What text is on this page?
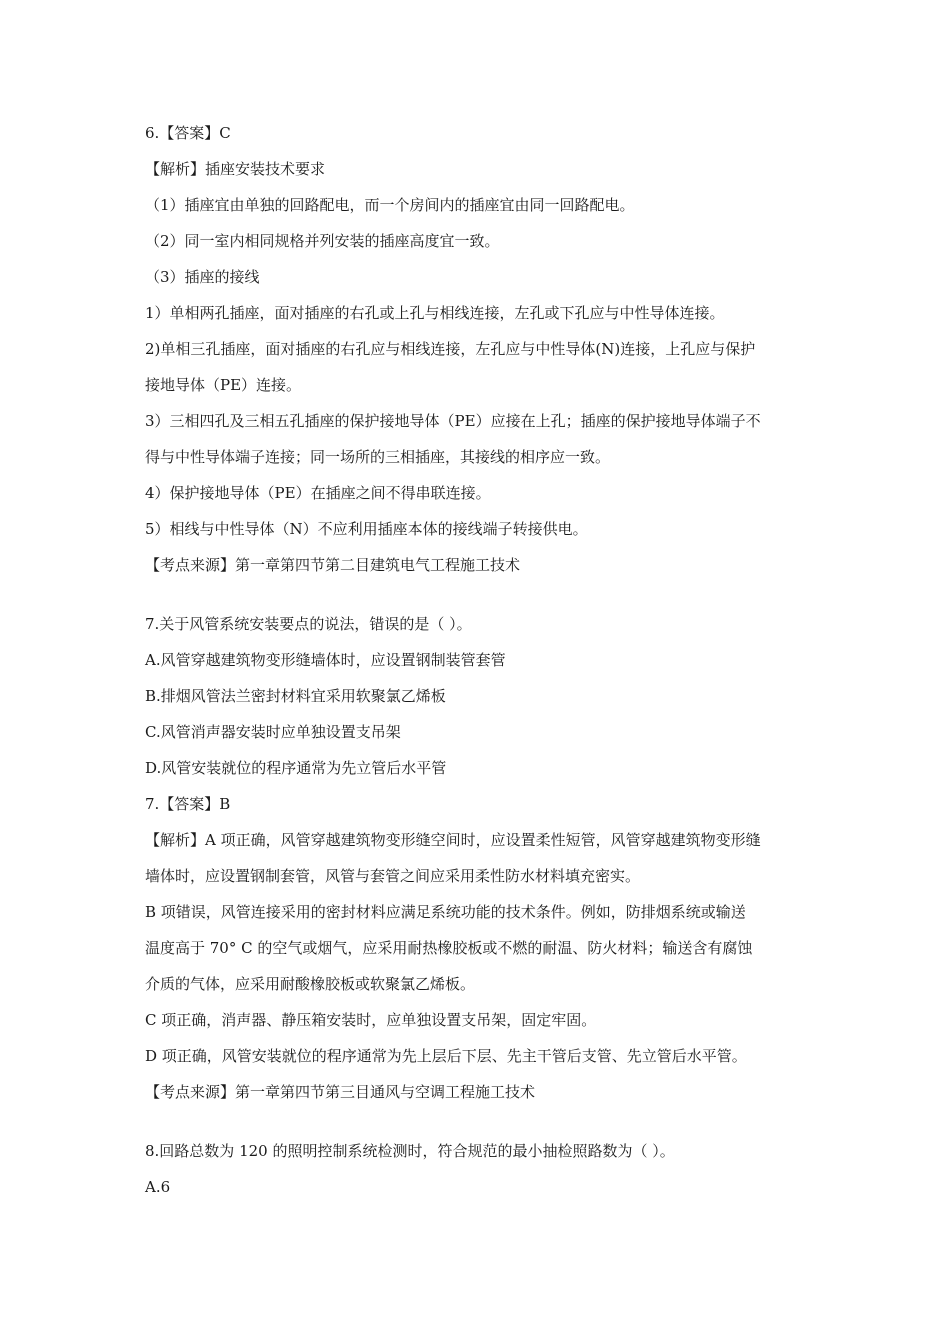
6.【答案】C
【解析】插座安装技术要求
（1）插座宜由单独的回路配电，而一个房间内的插座宜由同一回路配电。
（2）同一室内相同规格并列安装的插座高度宜一致。
（3）插座的接线
1）单相两孔插座，面对插座的右孔或上孔与相线连接，左孔或下孔应与中性导体连接。
2)单相三孔插座，面对插座的右孔应与相线连接，左孔应与中性导体(N)连接，上孔应与保护
接地导体（PE）连接。
3）三相四孔及三相五孔插座的保护接地导体（PE）应接在上孔；插座的保护接地导体端子不
得与中性导体端子连接；同一场所的三相插座，其接线的相序应一致。
4）保护接地导体（PE）在插座之间不得串联连接。
5）相线与中性导体（N）不应利用插座本体的接线端子转接供电。
【考点来源】第一章第四节第二目建筑电气工程施工技术
7.关于风管系统安装要点的说法，错误的是（ ）。
A.风管穿越建筑物变形缝墙体时，应设置钢制装管套管
B.排烟风管法兰密封材料宜采用软聚氯乙烯板
C.风管消声器安装时应单独设置支吊架
D.风管安装就位的程序通常为先立管后水平管
7.【答案】B
【解析】A 项正确，风管穿越建筑物变形缝空间时，应设置柔性短管，风管穿越建筑物变形缝
墙体时，应设置钢制套管，风管与套管之间应采用柔性防水材料填充密实。
B 项错误，风管连接采用的密封材料应满足系统功能的技术条件。例如，防排烟系统或输送
温度高于 70° C 的空气或烟气，应采用耐热橡胶板或不燃的耐温、防火材料；输送含有腐蚀
介质的气体，应采用耐酸橡胶板或软聚氯乙烯板。
C 项正确，消声器、静压箱安装时，应单独设置支吊架，固定牢固。
D 项正确，风管安装就位的程序通常为先上层后下层、先主干管后支管、先立管后水平管。
【考点来源】第一章第四节第三目通风与空调工程施工技术
8.回路总数为 120 的照明控制系统检测时，符合规范的最小抽检照路数为（ ）。
A.6
